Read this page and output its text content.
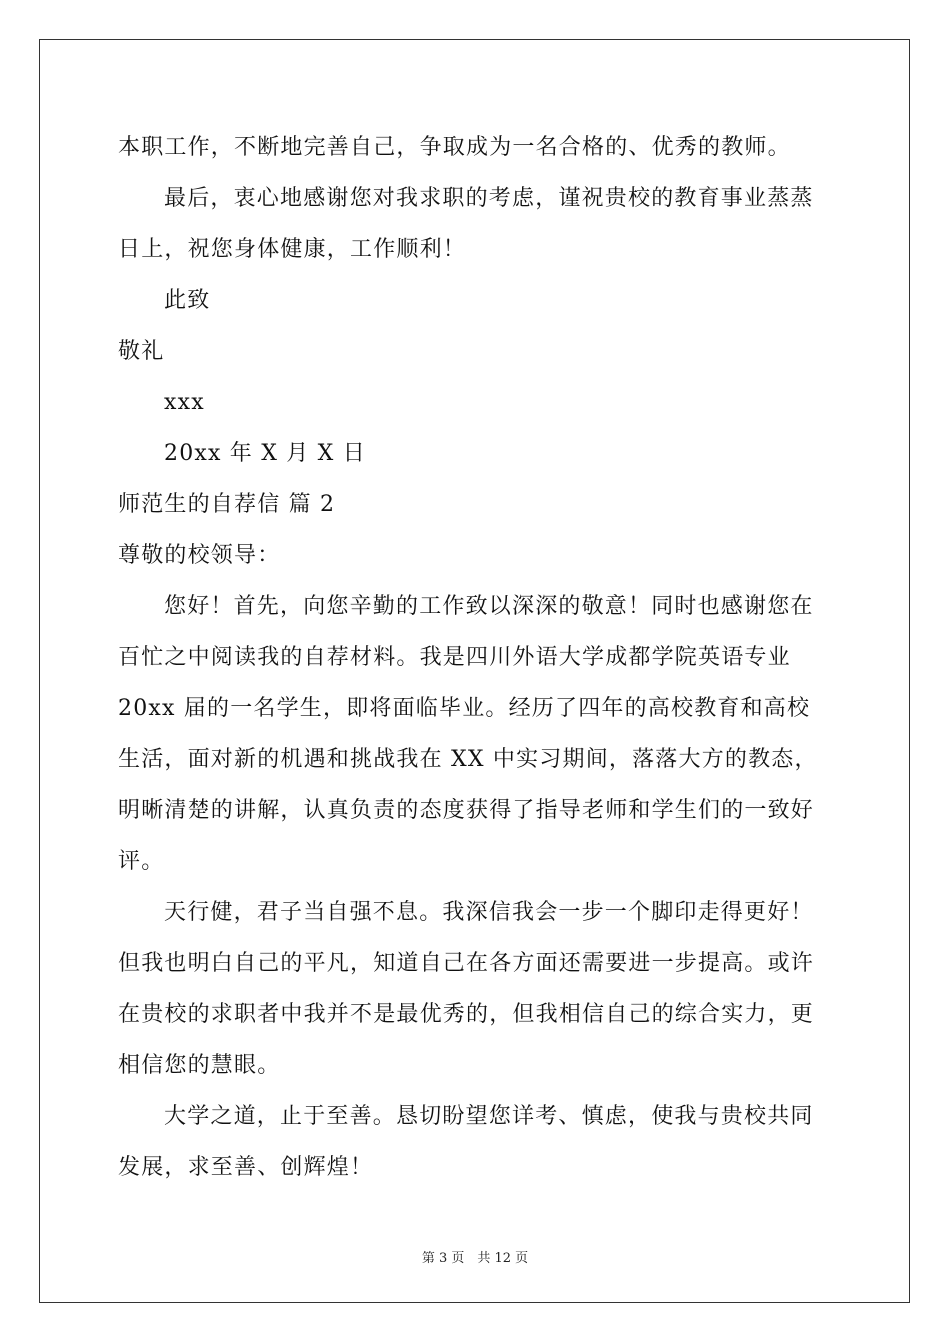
本职工作，不断地完善自己，争取成为一名合格的、优秀的教师。
最后，衷心地感谢您对我求职的考虑，谨祝贵校的教育事业蒸蒸
日上，祝您身体健康，工作顺利！
此致
敬礼
xxx
20xx 年 X 月 X 日
师范生的自荐信 篇 2
尊敬的校领导：
您好！首先，向您辛勤的工作致以深深的敬意！同时也感谢您在
百忙之中阅读我的自荐材料。我是四川外语大学成都学院英语专业
20xx 届的一名学生，即将面临毕业。经历了四年的高校教育和高校
生活，面对新的机遇和挑战我在 XX 中实习期间，落落大方的教态，
明晰清楚的讲解，认真负责的态度获得了指导老师和学生们的一致好
评。
天行健，君子当自强不息。我深信我会一步一个脚印走得更好！
但我也明白自己的平凡，知道自己在各方面还需要进一步提高。或许
在贵校的求职者中我并不是最优秀的，但我相信自己的综合实力，更
相信您的慧眼。
大学之道，止于至善。恳切盼望您详考、慎虑，使我与贵校共同
发展，求至善、创辉煌！
第 3 页　共 12 页
